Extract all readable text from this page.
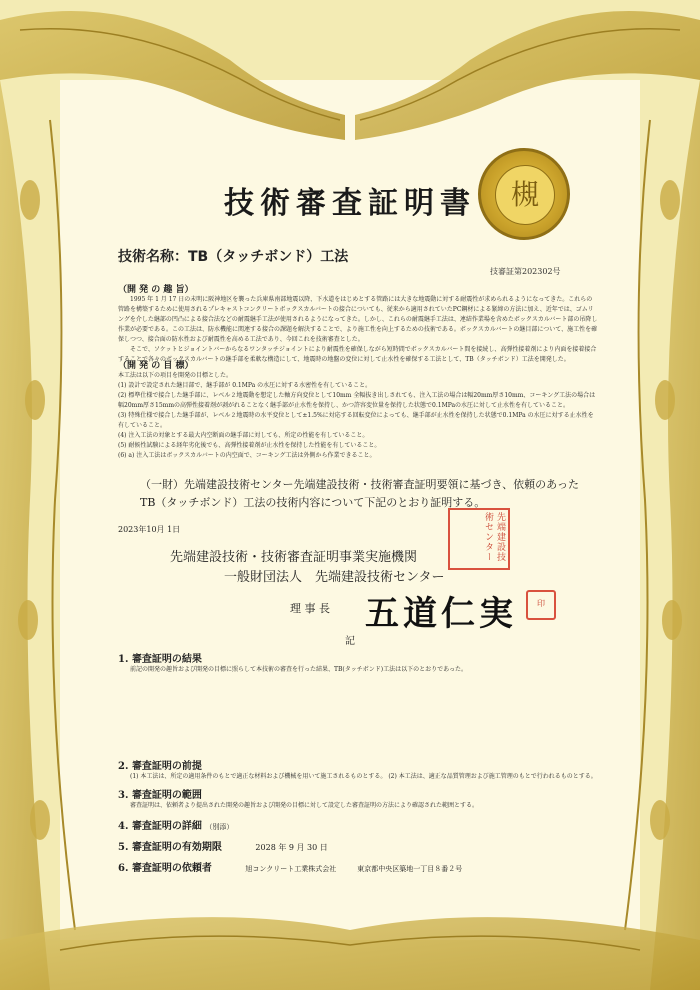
槻
技術審査証明書
技術名称：TB（タッチボンド）工法
技審証第202302号
（開 発 の 趣 旨）
1995 年 1 月 17 日の未明に阪神地区を襲った兵庫県南部地震以降、下水道をはじめとする管路には大きな地震動に対する耐震性が求められるようになってきた。これらの管路を構築するために使用されるプレキャストコンクリートボックスカルバートの接合についても、従来から適用されていたPC鋼材による緊締の方法に加え、近年では、ゴムリングを介した継部の凹凸による接合法などの耐震継手工法が使用されるようになってきた。しかし、これらの耐震継手工法は、連結作業場を含めたボックスカルバート部の吊降し作業が必要である。この工法は、防水機能に関連する接合の課題を解決することで、より施工性を向上するための技術である。ボックスカルバートの継目部について、施工性を確保しつつ、接合面の防水性および耐震性を高める工法であり、今回これを技術審査とした。
そこで、ソケットとジョイントバーからなるワンタッチジョイントにより耐震性を確保しながら短時間でボックスカルバート間を接続し、高弾性接着剤により内面を接着接合することで各々のボックスカルバートの継手部を柔軟な構造にして、地震時の地盤の変位に対して止水性を確保する工法として、TB（タッチボンド）工法を開発した。
（開 発 の 目 標）
本工法は以下の項目を開発の目標とした。
(1) 設計で設定された継目部で、継手部が 0.1MPa の水圧に対する水密性を有していること。
(2) 標準仕様で接合した継手部に、レベル２地震動を想定した軸方向変位として10mm 全幅抜き出しされても、注入工法の場合は幅20mm厚さ10mm、コーキング工法の場合は幅20mm厚さ15mmの高弾性接着剤が剥がれることなく継手部が止水性を保持し、かつ許容変位量を保持した状態で0.1MPaの水圧に対して止水性を有していること。
(3) 特殊仕様で接合した継手部が、レベル２地震時の水平変位として±1.5%に対応する回転変位によっても、継手部が止水性を保持した状態で0.1MPa の水圧に対する止水性を有していること。
(4) 注入工法の対象とする最大内空断面の継手部に対しても、所定の性能を有していること。
(5) 耐候性試験による経年劣化後でも、高弾性接着剤が止水性を保持した性能を有していること。
(6) a) 注入工法はボックスカルバートの内空面で、コーキング工法は外側から作業できること。
（一財）先端建設技術センター先端建設技術・技術審査証明要領に基づき、依頼のあったTB（タッチボンド）工法の技術内容について下記のとおり証明する。
2023年10月 1日
先端建設技術・技術審査証明事業実施機関
一般財団法人　先端建設技術センター
理 事 長 五道仁実
先端建設技術センター
印
記
1. 審査証明の結果
前記の開発の趣旨および開発の目標に照らして本技術の審査を行った結果、TB(タッチボンド)工法は以下のとおりであった。
2. 審査証明の前提
(1) 本工法は、所定の適用条件のもとで適正な材料および機械を用いて施工されるものとする。 (2) 本工法は、適正な品質管理および施工管理のもとで行われるものとする。
3. 審査証明の範囲
審査証明は、依頼者より提出された開発の趣旨および開発の目標に対して設定した審査証明の方法により確認された範囲とする。
4. 審査証明の詳細 （別添）
5. 審査証明の有効期限	2028 年 9 月 30 日
6. 審査証明の依頼者	旭コンクリート工業株式会社　　　東京都中央区築地一丁目８番２号
